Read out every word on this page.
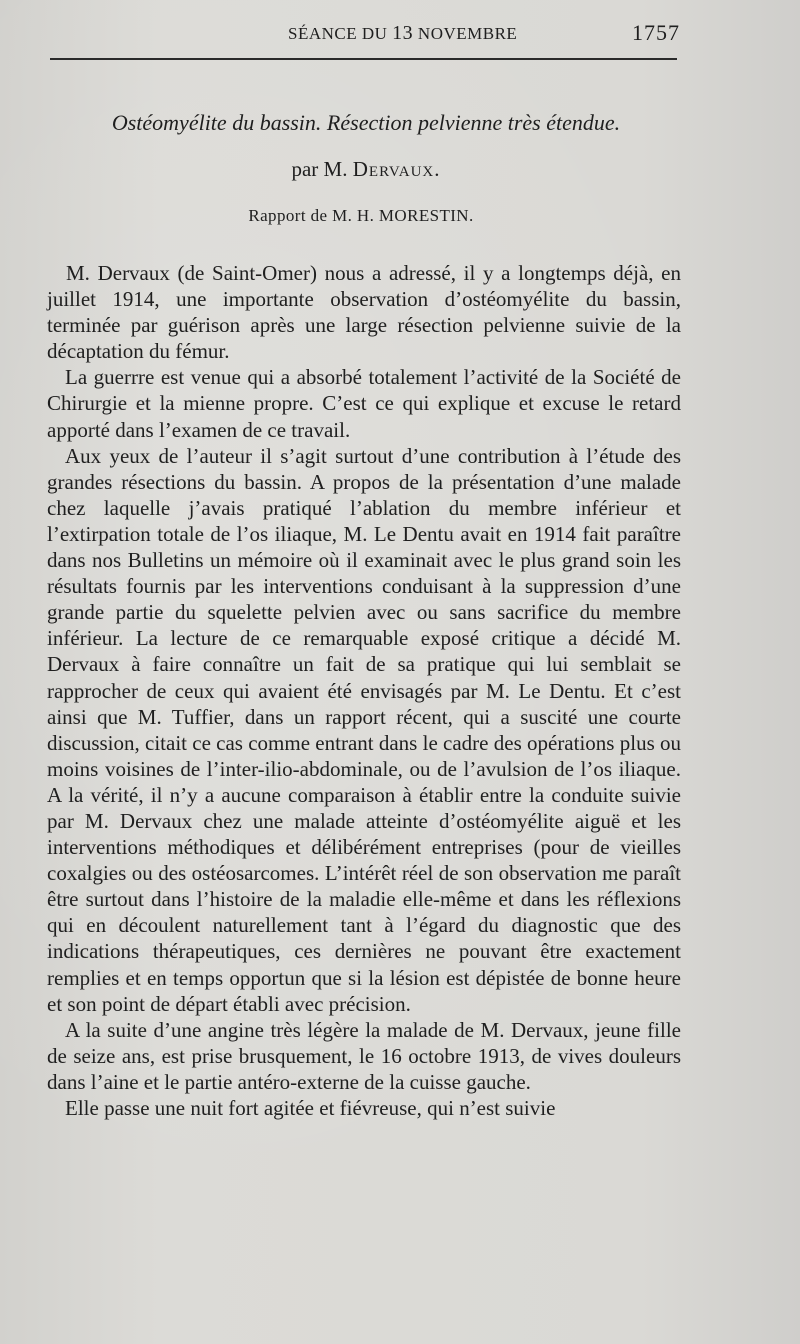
SÉANCE DU 13 NOVEMBRE	1757
Ostéomyélite du bassin. Résection pelvienne très étendue.
par M. Dervaux.
Rapport de M. H. MORESTIN.

M. Dervaux (de Saint-Omer) nous a adressé, il y a longtemps déjà, en juillet 1914, une importante observation d’ostéomyélite du bassin, terminée par guérison après une large résection pelvienne suivie de la décaptation du fémur.

La guerrre est venue qui a absorbé totalement l’activité de la Société de Chirurgie et la mienne propre. C’est ce qui explique et excuse le retard apporté dans l’examen de ce travail.

Aux yeux de l’auteur il s’agit surtout d’une contribution à l’étude des grandes résections du bassin. A propos de la présentation d’une malade chez laquelle j’avais pratiqué l’ablation du membre inférieur et l’extirpation totale de l’os iliaque, M. Le Dentu avait en 1914 fait paraître dans nos Bulletins un mémoire où il examinait avec le plus grand soin les résultats fournis par les interventions conduisant à la suppression d’une grande partie du squelette pelvien avec ou sans sacrifice du membre inférieur. La lecture de ce remarquable exposé critique a décidé M. Dervaux à faire connaître un fait de sa pratique qui lui semblait se rapprocher de ceux qui avaient été envisagés par M. Le Dentu. Et c’est ainsi que M. Tuffier, dans un rapport récent, qui a suscité une courte discussion, citait ce cas comme entrant dans le cadre des opérations plus ou moins voisines de l’inter-ilio-abdominale, ou de l’avulsion de l’os iliaque. A la vérité, il n’y a aucune comparaison à établir entre la conduite suivie par M. Dervaux chez une malade atteinte d’ostéomyélite aiguë et les interventions méthodiques et délibérément entreprises (pour de vieilles coxalgies ou des ostéosarcomes. L’intérêt réel de son observation me paraît être surtout dans l’histoire de la maladie elle-même et dans les réflexions qui en découlent naturellement tant à l’égard du diagnostic que des indications thérapeutiques, ces dernières ne pouvant être exactement remplies et en temps opportun que si la lésion est dépistée de bonne heure et son point de départ établi avec précision.

A la suite d’une angine très légère la malade de M. Dervaux, jeune fille de seize ans, est prise brusquement, le 16 octobre 1913, de vives douleurs dans l’aine et le partie antéro-externe de la cuisse gauche.

Elle passe une nuit fort agitée et fiévreuse, qui n’est suivie
